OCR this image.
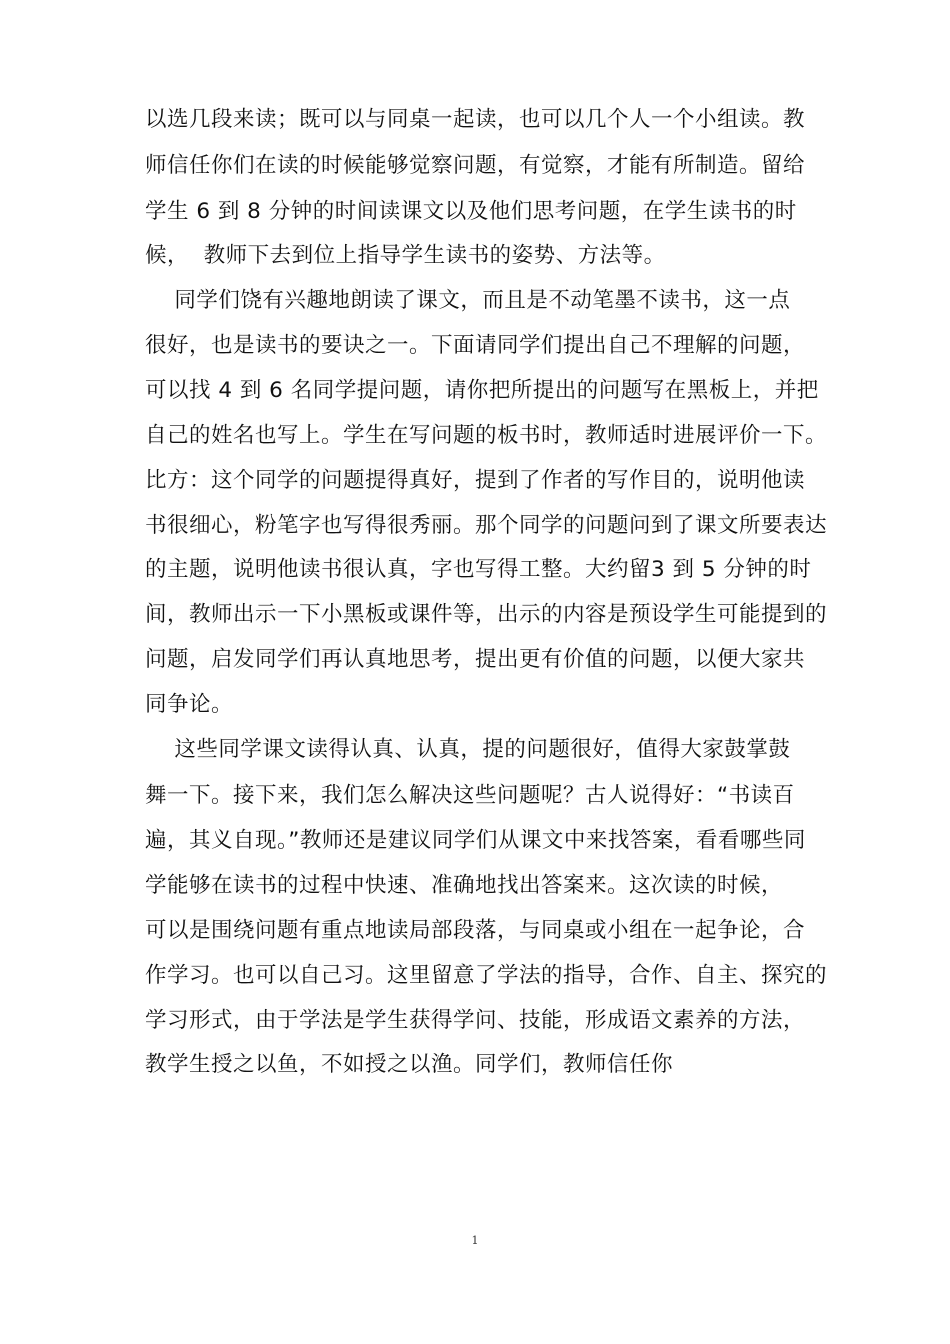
以选几段来读；既可以与同桌一起读，也可以几个人一个小组读。教
师信任你们在读的时候能够觉察问题，有觉察，才能有所制造。留给
学生 6 到 8 分钟的时间读课文以及他们思考问题，在学生读书的时
候，  教师下去到位上指导学生读书的姿势、方法等。
同学们饶有兴趣地朗读了课文，而且是不动笔墨不读书，这一点
很好，也是读书的要诀之一。下面请同学们提出自己不理解的问题，
可以找 4 到 6 名同学提问题，请你把所提出的问题写在黑板上，并把
自己的姓名也写上。学生在写问题的板书时，教师适时进展评价一下。
比方：这个同学的问题提得真好，提到了作者的写作目的，说明他读
书很细心，粉笔字也写得很秀丽。那个同学的问题问到了课文所要表达
的主题，说明他读书很认真，字也写得工整。大约留3 到 5 分钟的时
间，教师出示一下小黑板或课件等，出示的内容是预设学生可能提到的
问题，启发同学们再认真地思考，提出更有价值的问题，以便大家共
同争论。
这些同学课文读得认真、认真，提的问题很好，值得大家鼓掌鼓
舞一下。接下来，我们怎么解决这些问题呢？古人说得好：“书读百
遍，其义自现。”教师还是建议同学们从课文中来找答案，看看哪些同
学能够在读书的过程中快速、准确地找出答案来。这次读的时候，
可以是围绕问题有重点地读局部段落，与同桌或小组在一起争论，合
作学习。也可以自己习。这里留意了学法的指导，合作、自主、探究的
学习形式，由于学法是学生获得学问、技能，形成语文素养的方法，
教学生授之以鱼，不如授之以渔。同学们，教师信任你
1
